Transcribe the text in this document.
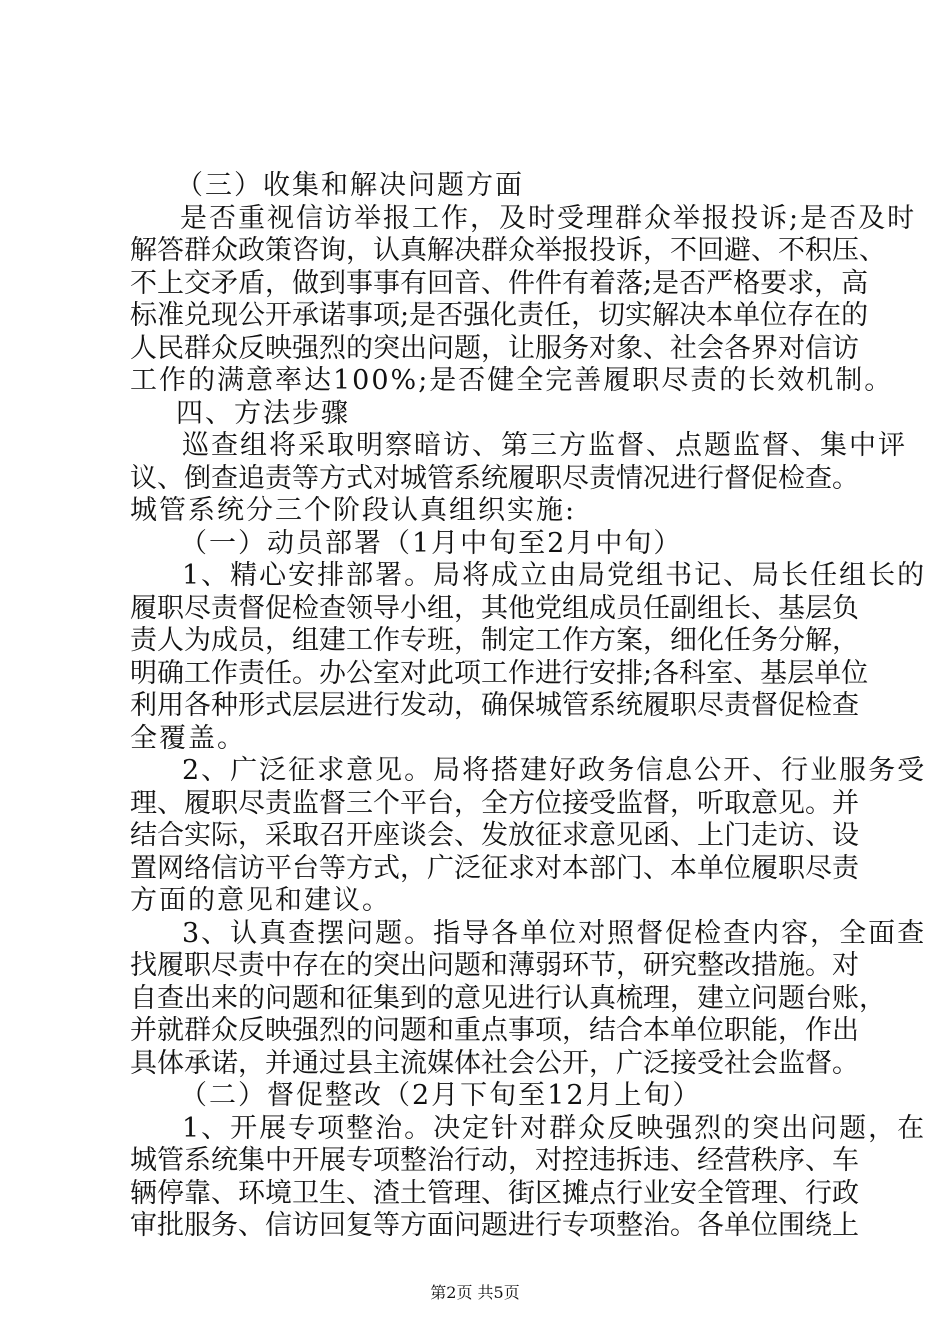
（三）收集和解决问题方面
是否重视信访举报工作，及时受理群众举报投诉;是否及时
解答群众政策咨询，认真解决群众举报投诉，不回避、不积压、
不上交矛盾，做到事事有回音、件件有着落;是否严格要求，高
标准兑现公开承诺事项;是否强化责任，切实解决本单位存在的
人民群众反映强烈的突出问题，让服务对象、社会各界对信访
工作的满意率达100%;是否健全完善履职尽责的长效机制。
四、方法步骤
巡查组将采取明察暗访、第三方监督、点题监督、集中评
议、倒查追责等方式对城管系统履职尽责情况进行督促检查。
城管系统分三个阶段认真组织实施:
（一）动员部署（1月中旬至2月中旬）
1、精心安排部署。局将成立由局党组书记、局长任组长的
履职尽责督促检查领导小组，其他党组成员任副组长、基层负
责人为成员，组建工作专班，制定工作方案，细化任务分解，
明确工作责任。办公室对此项工作进行安排;各科室、基层单位
利用各种形式层层进行发动，确保城管系统履职尽责督促检查
全覆盖。
2、广泛征求意见。局将搭建好政务信息公开、行业服务受
理、履职尽责监督三个平台，全方位接受监督，听取意见。并
结合实际，采取召开座谈会、发放征求意见函、上门走访、设
置网络信访平台等方式，广泛征求对本部门、本单位履职尽责
方面的意见和建议。
3、认真查摆问题。指导各单位对照督促检查内容，全面查
找履职尽责中存在的突出问题和薄弱环节，研究整改措施。对
自查出来的问题和征集到的意见进行认真梳理，建立问题台账，
并就群众反映强烈的问题和重点事项，结合本单位职能，作出
具体承诺，并通过县主流媒体社会公开，广泛接受社会监督。
（二）督促整改（2月下旬至12月上旬）
1、开展专项整治。决定针对群众反映强烈的突出问题，在
城管系统集中开展专项整治行动，对控违拆违、经营秩序、车
辆停靠、环境卫生、渣土管理、街区摊点行业安全管理、行政
审批服务、信访回复等方面问题进行专项整治。各单位围绕上
第2页 共5页
